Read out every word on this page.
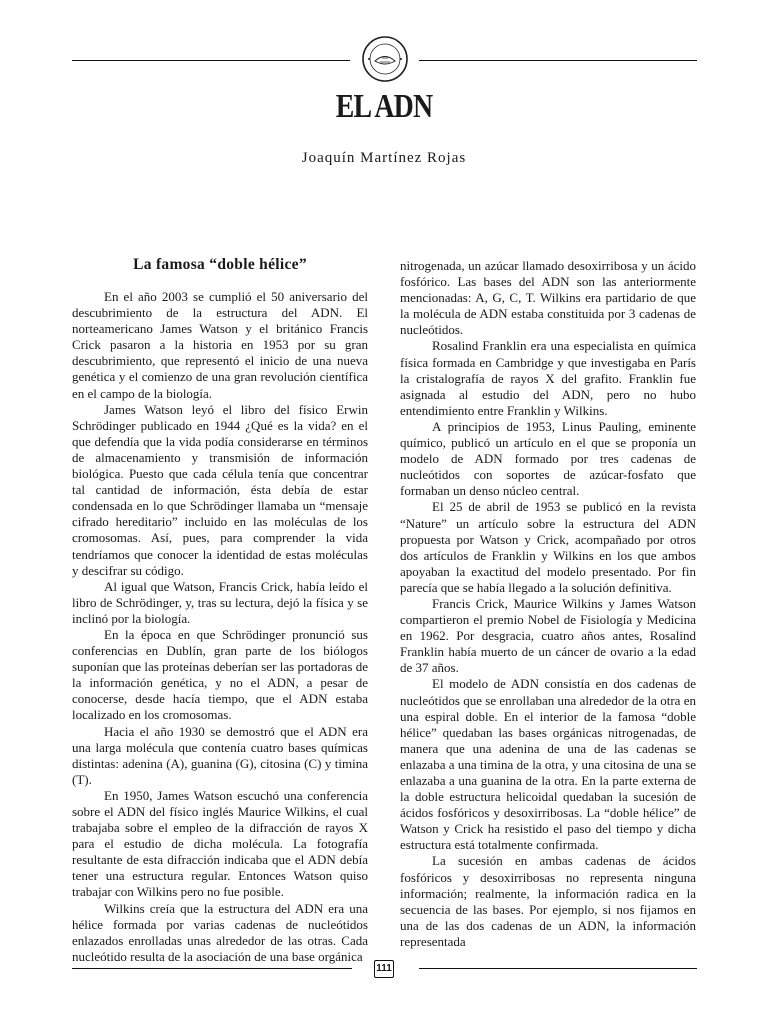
EL ADN
Joaquín Martínez Rojas
La famosa “doble hélice”

En el año 2003 se cumplió el 50 aniversario del descubrimiento de la estructura del ADN. El norteamericano James Watson y el británico Francis Crick pasaron a la historia en 1953 por su gran descubrimiento, que representó el inicio de una nueva genética y el comienzo de una gran revolución científica en el campo de la biología.

James Watson leyó el libro del físico Erwin Schrödinger publicado en 1944 ¿Qué es la vida? en el que defendía que la vida podía considerarse en términos de almacenamiento y transmisión de información biológica. Puesto que cada célula tenía que concentrar tal cantidad de información, ésta debía de estar condensada en lo que Schrödinger llamaba un “mensaje cifrado hereditario” incluido en las moléculas de los cromosomas. Así, pues, para comprender la vida tendríamos que conocer la identidad de estas moléculas y descifrar su código.

Al igual que Watson, Francis Crick, había leído el libro de Schrödinger, y, tras su lectura, dejó la física y se inclinó por la biología.

En la época en que Schrödinger pronunció sus conferencias en Dublín, gran parte de los biólogos suponían que las proteínas deberían ser las portadoras de la información genética, y no el ADN, a pesar de conocerse, desde hacía tiempo, que el ADN estaba localizado en los cromosomas.

Hacia el año 1930 se demostró que el ADN era una larga molécula que contenía cuatro bases químicas distintas: adenina (A), guanina (G), citosina (C) y timina (T).

En 1950, James Watson escuchó una conferencia sobre el ADN del físico inglés Maurice Wilkins, el cual trabajaba sobre el empleo de la difracción de rayos X para el estudio de dicha molécula. La fotografía resultante de esta difracción indicaba que el ADN debía tener una estructura regular. Entonces Watson quiso trabajar con Wilkins pero no fue posible.

Wilkins creía que la estructura del ADN era una hélice formada por varias cadenas de nucleótidos enlazados enrolladas unas alrededor de las otras. Cada nucleótido resulta de la asociación de una base orgánica

nitrogenada, un azúcar llamado desoxirribosa y un ácido fosfórico. Las bases del ADN son las anteriormente mencionadas: A, G, C, T. Wilkins era partidario de que la molécula de ADN estaba constituida por 3 cadenas de nucleótidos.

Rosalind Franklin era una especialista en química física formada en Cambridge y que investigaba en París la cristalografía de rayos X del grafito. Franklin fue asignada al estudio del ADN, pero no hubo entendimiento entre Franklin y Wilkins.

A principios de 1953, Linus Pauling, eminente químico, publicó un artículo en el que se proponía un modelo de ADN formado por tres cadenas de nucleótidos con soportes de azúcar-fosfato que formaban un denso núcleo central.

El 25 de abril de 1953 se publicó en la revista “Nature” un artículo sobre la estructura del ADN propuesta por Watson y Crick, acompañado por otros dos artículos de Franklin y Wilkins en los que ambos apoyaban la exactitud del modelo presentado. Por fin parecía que se había llegado a la solución definitiva.

Francis Crick, Maurice Wilkins y James Watson compartieron el premio Nobel de Fisiología y Medicina en 1962. Por desgracia, cuatro años antes, Rosalind Franklin había muerto de un cáncer de ovario a la edad de 37 años.

El modelo de ADN consistía en dos cadenas de nucleótidos que se enrollaban una alrededor de la otra en una espiral doble. En el interior de la famosa “doble hélice” quedaban las bases orgánicas nitrogenadas, de manera que una adenina de una de las cadenas se enlazaba a una timina de la otra, y una citosina de una se enlazaba a una guanina de la otra. En la parte externa de la doble estructura helicoidal quedaban la sucesión de ácidos fosfóricos y desoxirribosas. La “doble hélice” de Watson y Crick ha resistido el paso del tiempo y dicha estructura está totalmente confirmada.

La sucesión en ambas cadenas de ácidos fosfóricos y desoxirribosas no representa ninguna información; realmente, la información radica en la secuencia de las bases. Por ejemplo, si nos fijamos en una de las dos cadenas de un ADN, la información representada

111
